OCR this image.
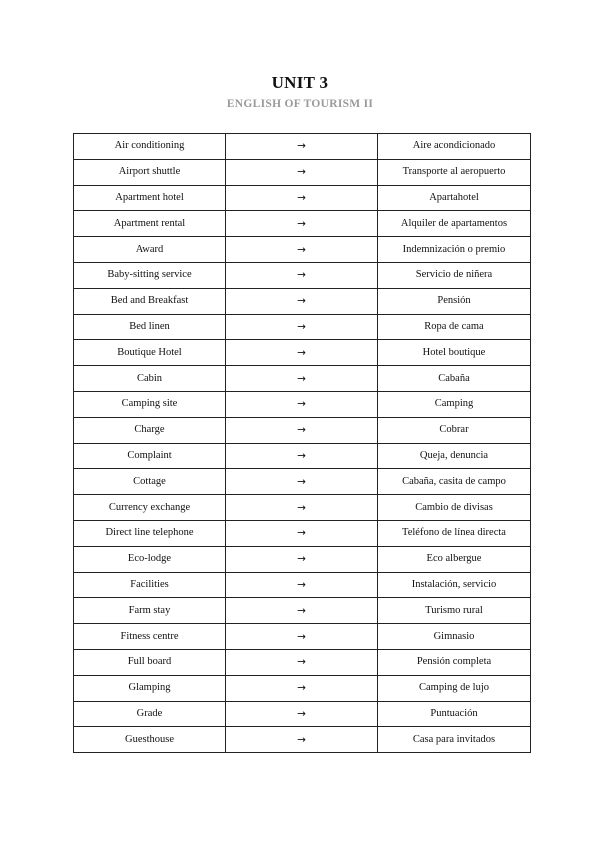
UNIT 3
ENGLISH OF TOURISM II
Air conditioning	→	Aire acondicionado
Airport shuttle	→	Transporte al aeropuerto
Apartment hotel	→	Apartahotel
Apartment rental	→	Alquiler de apartamentos
Award	→	Indemnización o premio
Baby-sitting service	→	Servicio de niñera
Bed and Breakfast	→	Pensión
Bed linen	→	Ropa de cama
Boutique Hotel	→	Hotel boutique
Cabin	→	Cabaña
Camping site	→	Camping
Charge	→	Cobrar
Complaint	→	Queja, denuncia
Cottage	→	Cabaña, casita de campo
Currency exchange	→	Cambio de divisas
Direct line telephone	→	Teléfono de línea directa
Eco-lodge	→	Eco albergue
Facilities	→	Instalación, servicio
Farm stay	→	Turismo rural
Fitness centre	→	Gimnasio
Full board	→	Pensión completa
Glamping	→	Camping de lujo
Grade	→	Puntuación
Guesthouse	→	Casa para invitados
